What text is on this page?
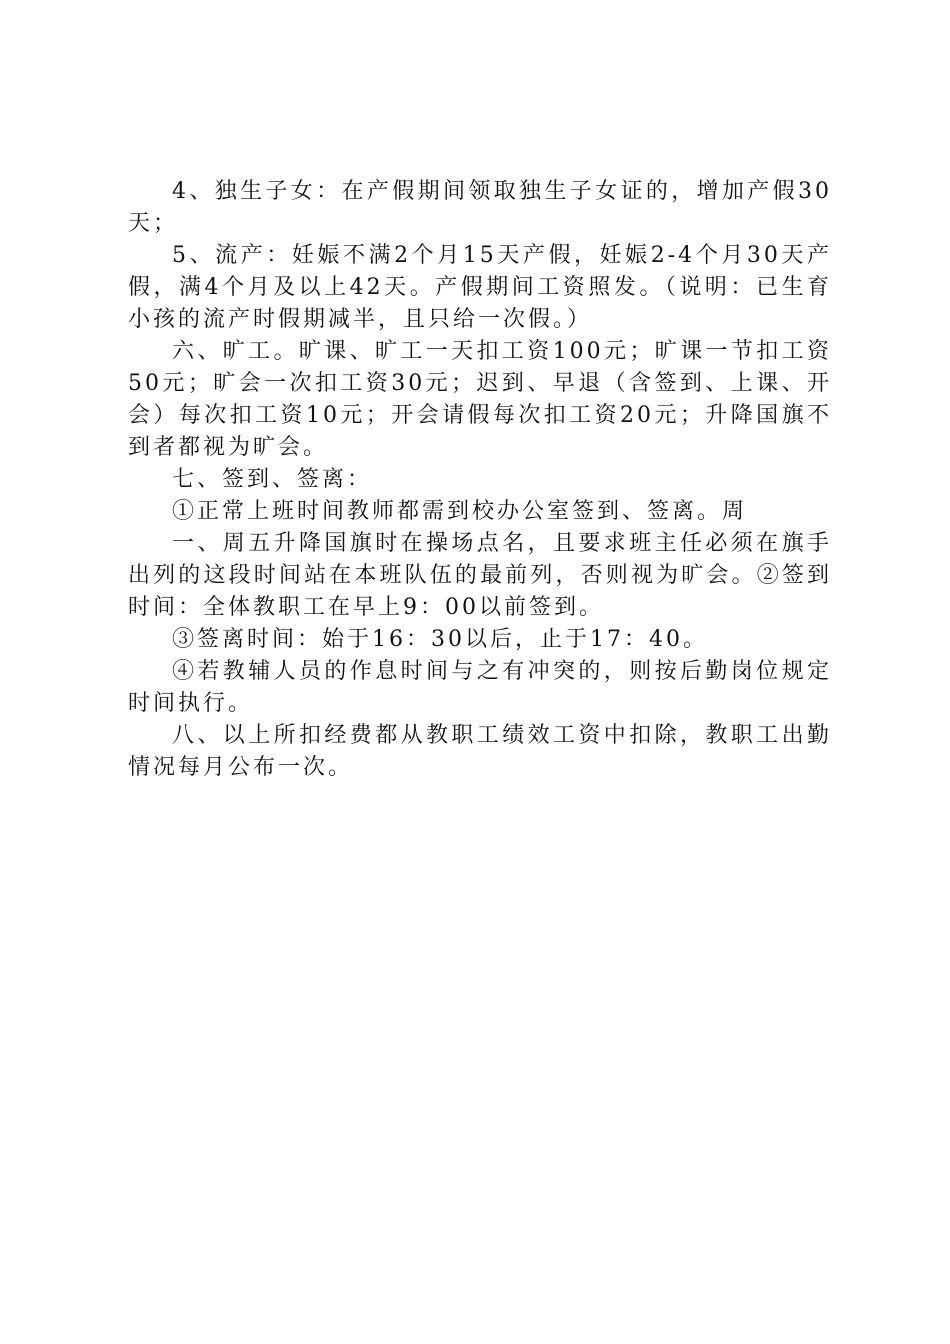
4、独生子女：在产假期间领取独生子女证的，增加产假30天；

5、流产：妊娠不满2个月15天产假，妊娠2-4个月30天产假，满4个月及以上42天。产假期间工资照发。（说明：已生育小孩的流产时假期减半，且只给一次假。）

六、旷工。旷课、旷工一天扣工资100元；旷课一节扣工资50元；旷会一次扣工资30元；迟到、早退（含签到、上课、开会）每次扣工资10元；开会请假每次扣工资20元；升降国旗不到者都视为旷会。

七、签到、签离：

①正常上班时间教师都需到校办公室签到、签离。周

一、周五升降国旗时在操场点名，且要求班主任必须在旗手出列的这段时间站在本班队伍的最前列，否则视为旷会。②签到时间：全体教职工在早上9：00以前签到。

③签离时间：始于16：30以后，止于17：40。

④若教辅人员的作息时间与之有冲突的，则按后勤岗位规定时间执行。

八、以上所扣经费都从教职工绩效工资中扣除，教职工出勤情况每月公布一次。
